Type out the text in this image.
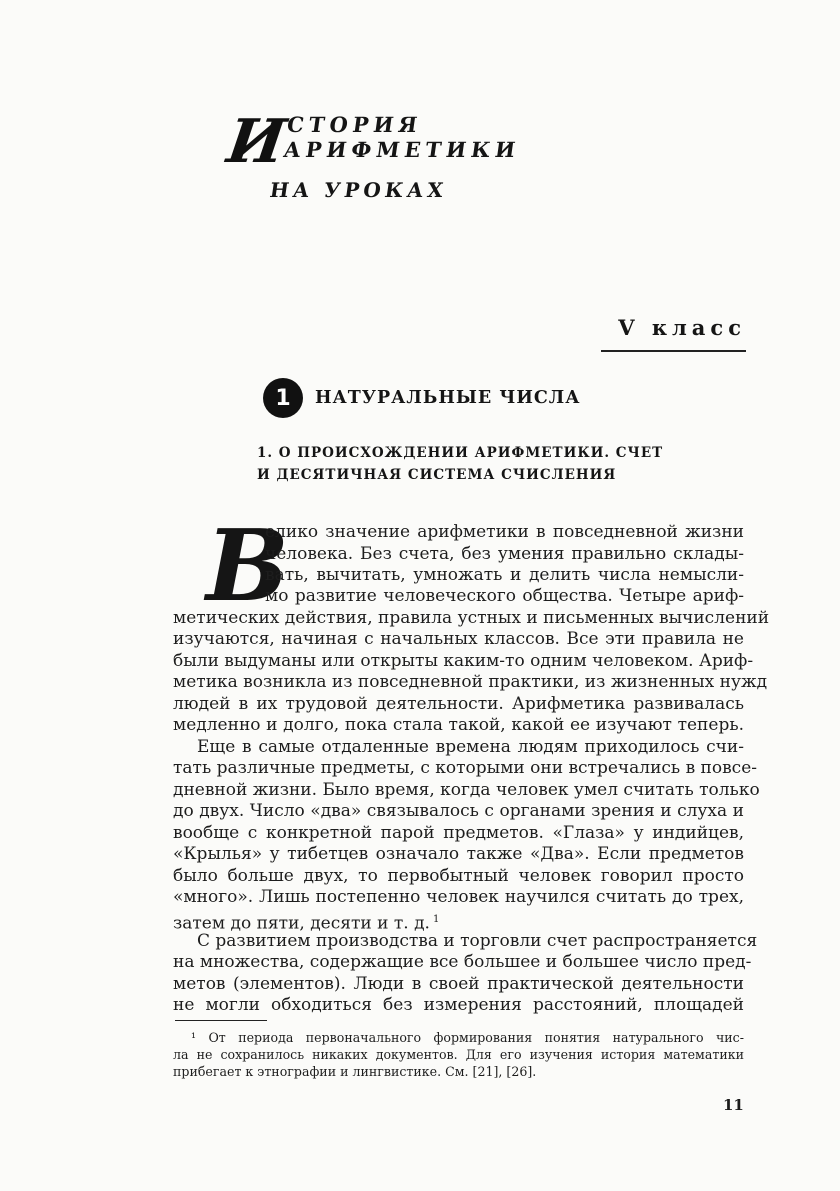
И
СТОРИЯ АРИФМЕТИКИ
НА УРОКАХ
V класс
1	НАТУРАЛЬНЫЕ ЧИСЛА
1. О ПРОИСХОЖДЕНИИ АРИФМЕТИКИ. СЧЕТ
И ДЕСЯТИЧНАЯ СИСТЕМА СЧИСЛЕНИЯ
В
елико значение арифметики в повседневной жизни
человека. Без счета, без умения правильно склады-
вать, вычитать, умножать и делить числа немысли-
мо развитие человеческого общества. Четыре ариф-
метических действия, правила устных и письменных вычислений
изучаются, начиная с начальных классов. Все эти правила не
были выдуманы или открыты каким-то одним человеком. Ариф-
метика возникла из повседневной практики, из жизненных нужд
людей в их трудовой деятельности. Арифметика развивалась
медленно и долго, пока стала такой, какой ее изучают теперь.
Еще в самые отдаленные времена людям приходилось счи-
тать различные предметы, с которыми они встречались в повсе-
дневной жизни. Было время, когда человек умел считать только
до двух. Число «два» связывалось с органами зрения и слуха и
вообще с конкретной парой предметов. «Глаза» у индийцев,
«Крылья» у тибетцев означало также «Два». Если предметов
было больше двух, то первобытный человек говорил просто
«много». Лишь постепенно человек научился считать до трех,
затем до пяти, десяти и т. д. $^1$
С развитием производства и торговли счет распространяется
на множества, содержащие все большее и большее число пред-
метов (элементов). Люди в своей практической деятельности
не могли обходиться без измерения расстояний, площадей
¹ От периода первоначального формирования понятия натурального чис-
ла не сохранилось никаких документов. Для его изучения история математики
прибегает к этнографии и лингвистике. См. [21], [26].
11
